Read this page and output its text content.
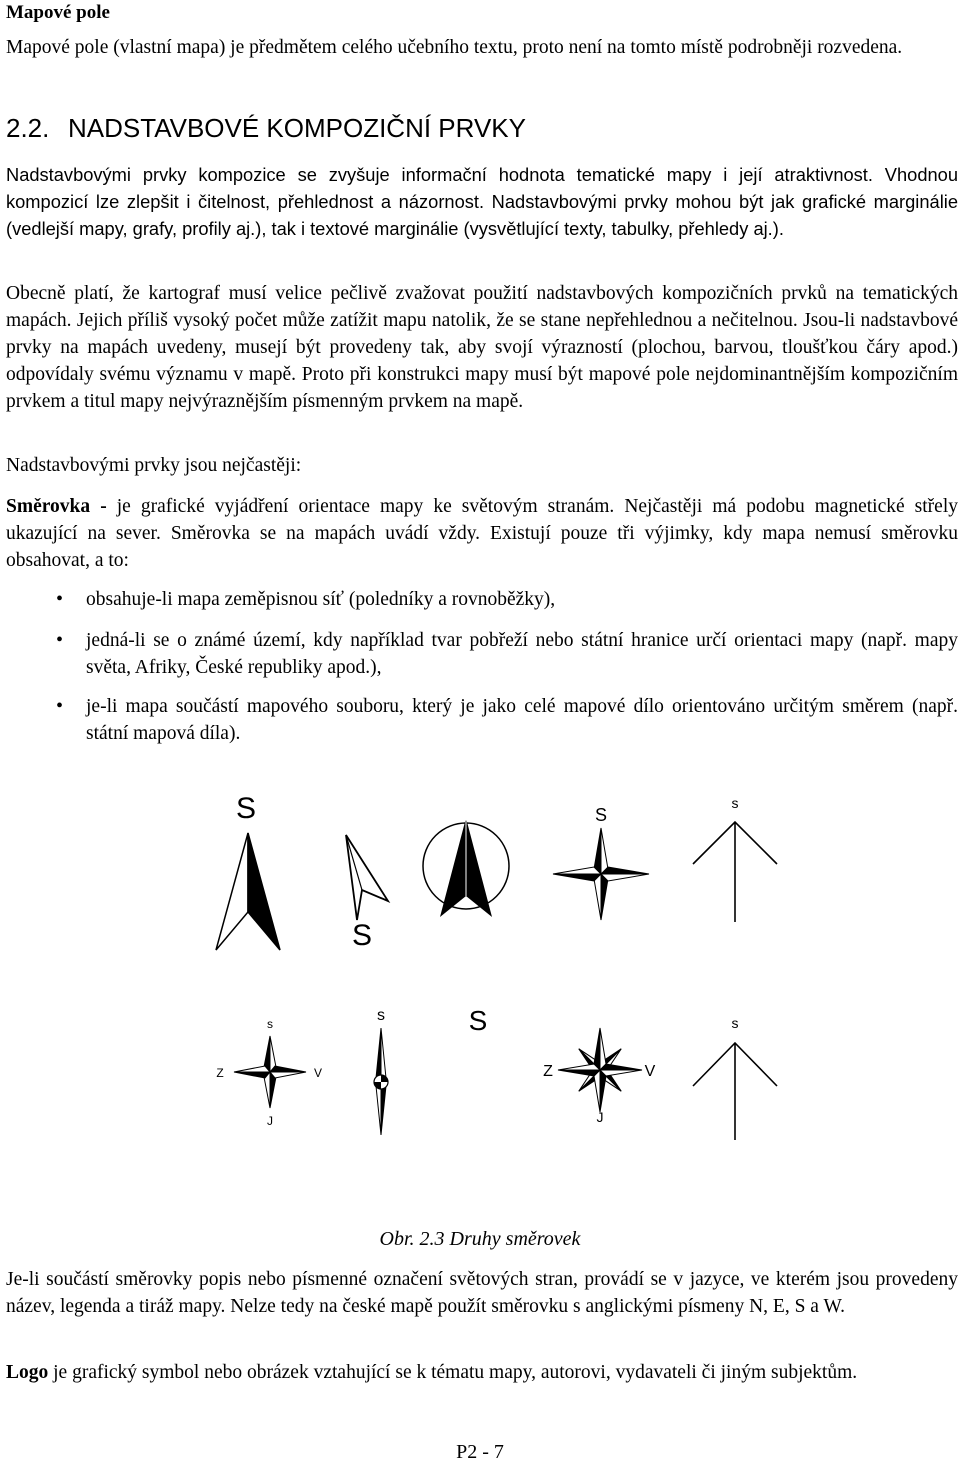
Mapové pole
Mapové pole (vlastní mapa) je předmětem celého učebního textu, proto není na tomto místě podrobněji rozvedena.
2.2. NADSTAVBOVÉ KOMPOZIČNÍ PRVKY
Nadstavbovými prvky kompozice se zvyšuje informační hodnota tematické mapy i její atraktivnost. Vhodnou kompozicí lze zlepšit i čitelnost, přehlednost a názornost. Nadstavbovými prvky mohou být jak grafické marginálie (vedlejší mapy, grafy, profily aj.), tak i textové marginálie (vysvětlující texty, tabulky, přehledy aj.).
Obecně platí, že kartograf musí velice pečlivě zvažovat použití nadstavbových kompozičních prvků na tematických mapách. Jejich příliš vysoký počet může zatížit mapu natolik, že se stane nepřehlednou a nečitelnou. Jsou-li nadstavbové prvky na mapách uvedeny, musejí být provedeny tak, aby svojí výrazností (plochou, barvou, tloušťkou čáry apod.) odpovídaly svému významu v mapě. Proto při konstrukci mapy musí být mapové pole nejdominantnějším kompozičním prvkem a titul mapy nejvýraznějším písmenným prvkem na mapě.
Nadstavbovými prvky jsou nejčastěji:
Směrovka - je grafické vyjádření orientace mapy ke světovým stranám. Nejčastěji má podobu magnetické střely ukazující na sever. Směrovka se na mapách uvádí vždy. Existují pouze tři výjimky, kdy mapa nemusí směrovku obsahovat, a to:
• obsahuje-li mapa zeměpisnou síť (poledníky a rovnoběžky),
• jedná-li se o známé území, kdy například tvar pobřeží nebo státní hranice určí orientaci mapy (např. mapy světa, Afriky, České republiky apod.),
• je-li mapa součástí mapového souboru, který je jako celé mapové dílo orientováno určitým směrem (např. státní mapová díla).
S
S
S
s
s
Z	V
J
s	S
Z	V
J
s
Obr. 2.3 Druhy směrovek
Je-li součástí směrovky popis nebo písmenné označení světových stran, provádí se v jazyce, ve kterém jsou provedeny název, legenda a tiráž mapy. Nelze tedy na české mapě použít směrovku s anglickými písmeny N, E, S a W.
Logo je grafický symbol nebo obrázek vztahující se k tématu mapy, autorovi, vydavateli či jiným subjektům.
P2 - 7
